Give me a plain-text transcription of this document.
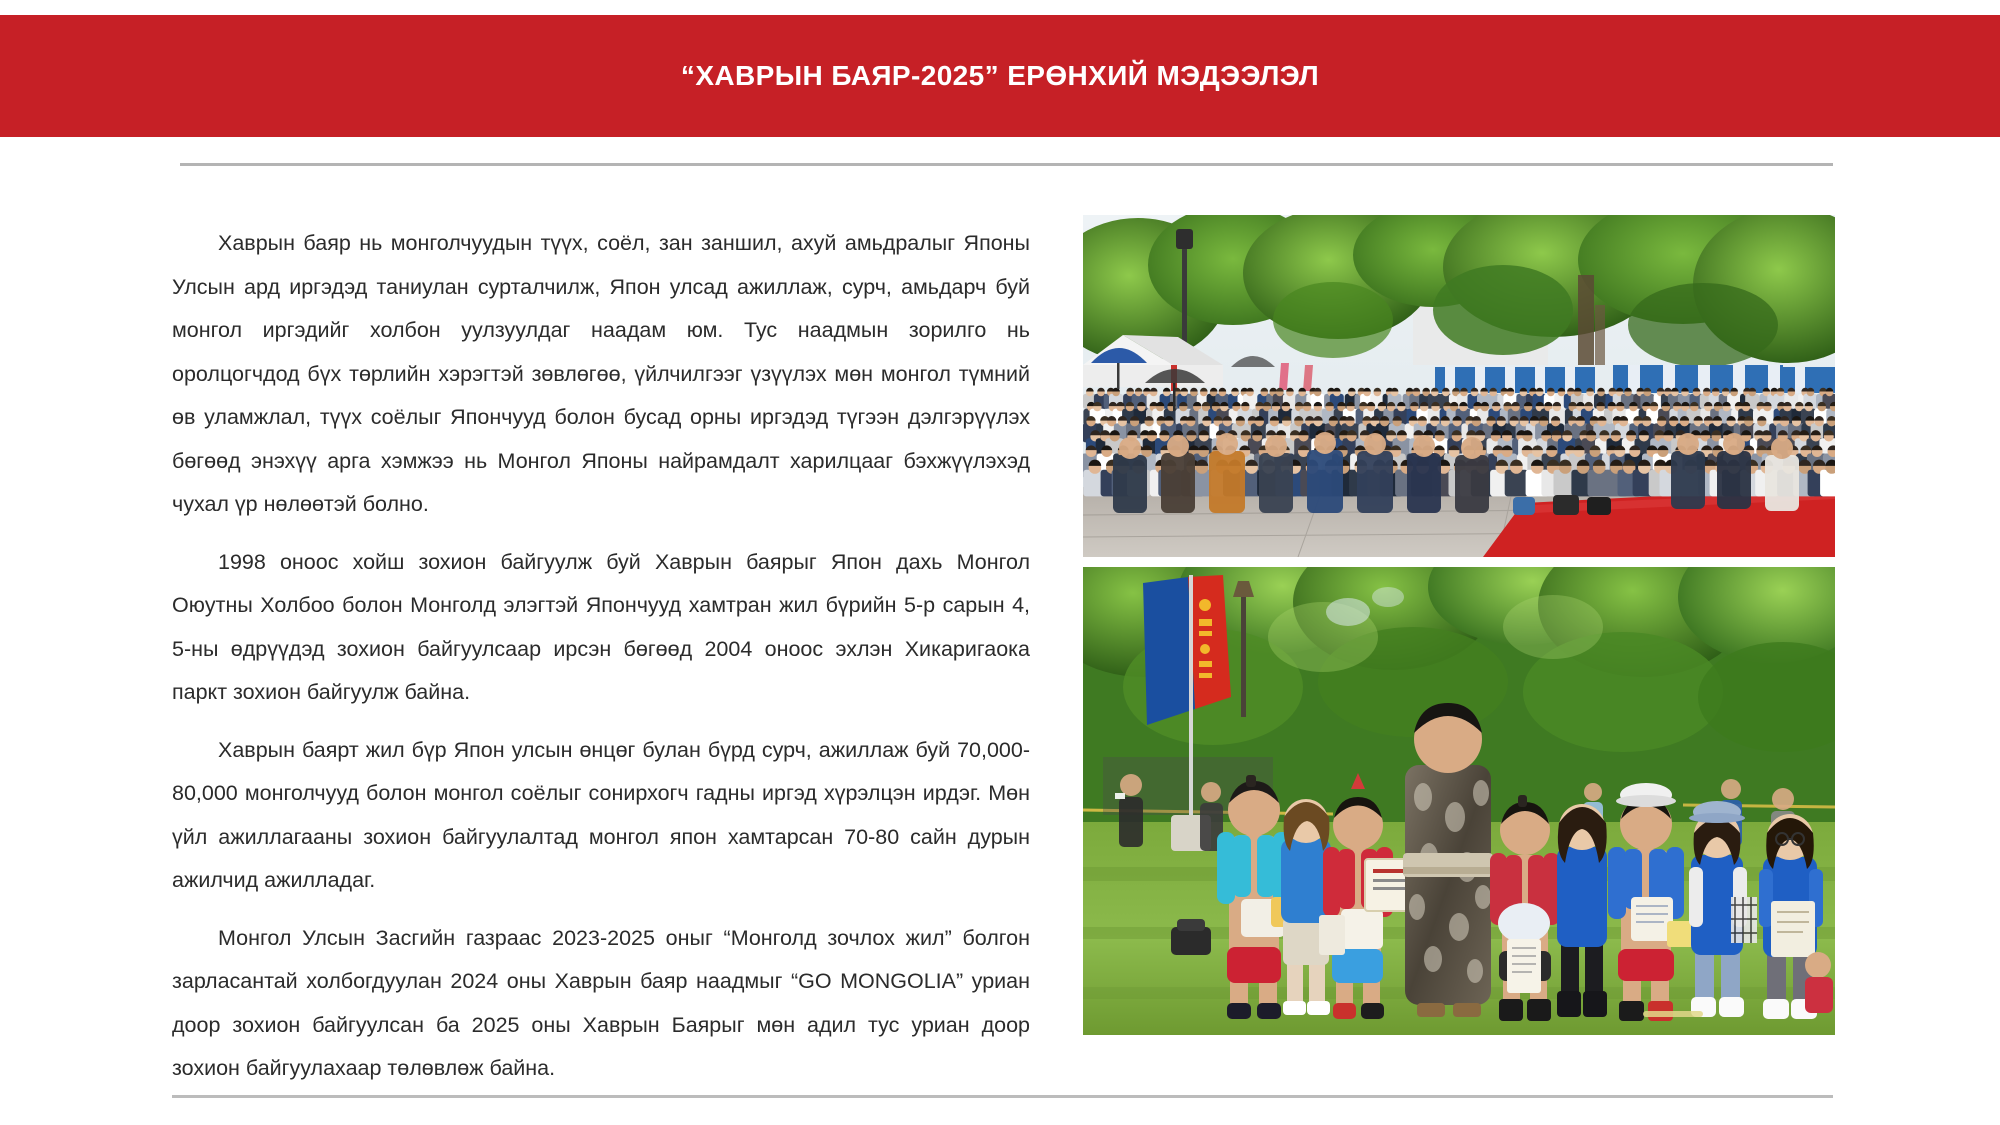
“ХАВРЫН БАЯР-2025” ЕРӨНХИЙ МЭДЭЭЛЭЛ

Хаврын баяр нь монголчуудын түүх, соёл, зан заншил, ахуй амьдралыг Японы Улсын ард иргэдэд таниулан сурталчилж, Япон улсад ажиллаж, сурч, амьдарч буй монгол иргэдийг холбон уулзуулдаг наадам юм. Тус наадмын зорилго нь оролцогчдод бүх төрлийн хэрэгтэй зөвлөгөө, үйлчилгээг үзүүлэх мөн монгол түмний өв уламжлал, түүх соёлыг Япончууд болон бусад орны иргэдэд түгээн дэлгэрүүлэх бөгөөд энэхүү арга хэмжээ нь Монгол Японы найрамдалт харилцааг бэхжүүлэхэд чухал үр нөлөөтэй болно.

1998 оноос хойш зохион байгуулж буй Хаврын баярыг Япон дахь Монгол Оюутны Холбоо болон Монголд элэгтэй Япончууд хамтран жил бүрийн 5-р сарын 4, 5-ны өдрүүдэд зохион байгуулсаар ирсэн бөгөөд 2004 оноос эхлэн Хикаригаока паркт зохион байгуулж байна.

Хаврын баярт жил бүр Япон улсын өнцөг булан бүрд сурч, ажиллаж буй 70,000-80,000 монголчууд болон монгол соёлыг сонирхогч гадны иргэд хүрэлцэн ирдэг. Мөн үйл ажиллагааны зохион байгуулалтад монгол япон хамтарсан 70-80 сайн дурын ажилчид ажилладаг.

Монгол Улсын Засгийн газраас 2023-2025 оныг “Монголд зочлох жил” болгон зарласантай холбогдуулан 2024 оны Хаврын баяр наадмыг “GO MONGOLIA” уриан доор зохион байгуулсан ба 2025 оны Хаврын Баярыг мөн адил тус уриан доор зохион байгуулахаар төлөвлөж байна.
